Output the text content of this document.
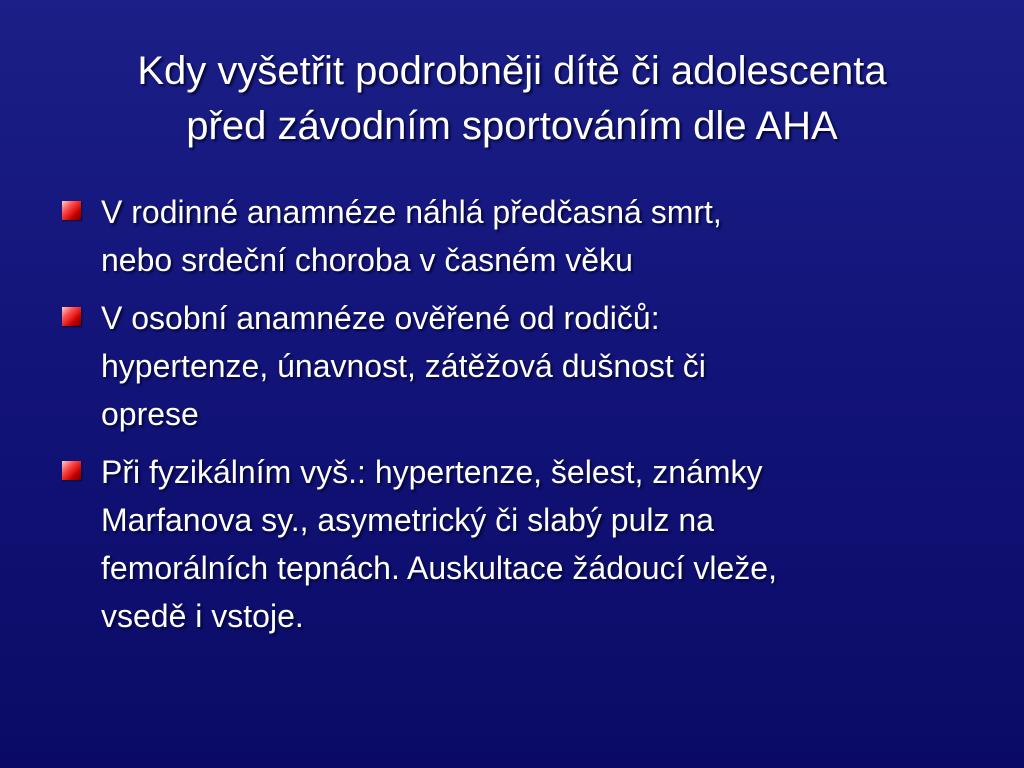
Kdy vyšetřit podrobněji dítě či adolescenta
před závodním sportováním dle AHA
V rodinné anamnéze náhlá předčasná smrt,
nebo srdeční choroba v časném věku
V osobní anamnéze ověřené od rodičů:
hypertenze, únavnost, zátěžová dušnost či
oprese
Při fyzikálním vyš.: hypertenze, šelest, známky
Marfanova sy., asymetrický či slabý pulz na
femorálních tepnách. Auskultace žádoucí vleže,
vsedě i vstoje.
